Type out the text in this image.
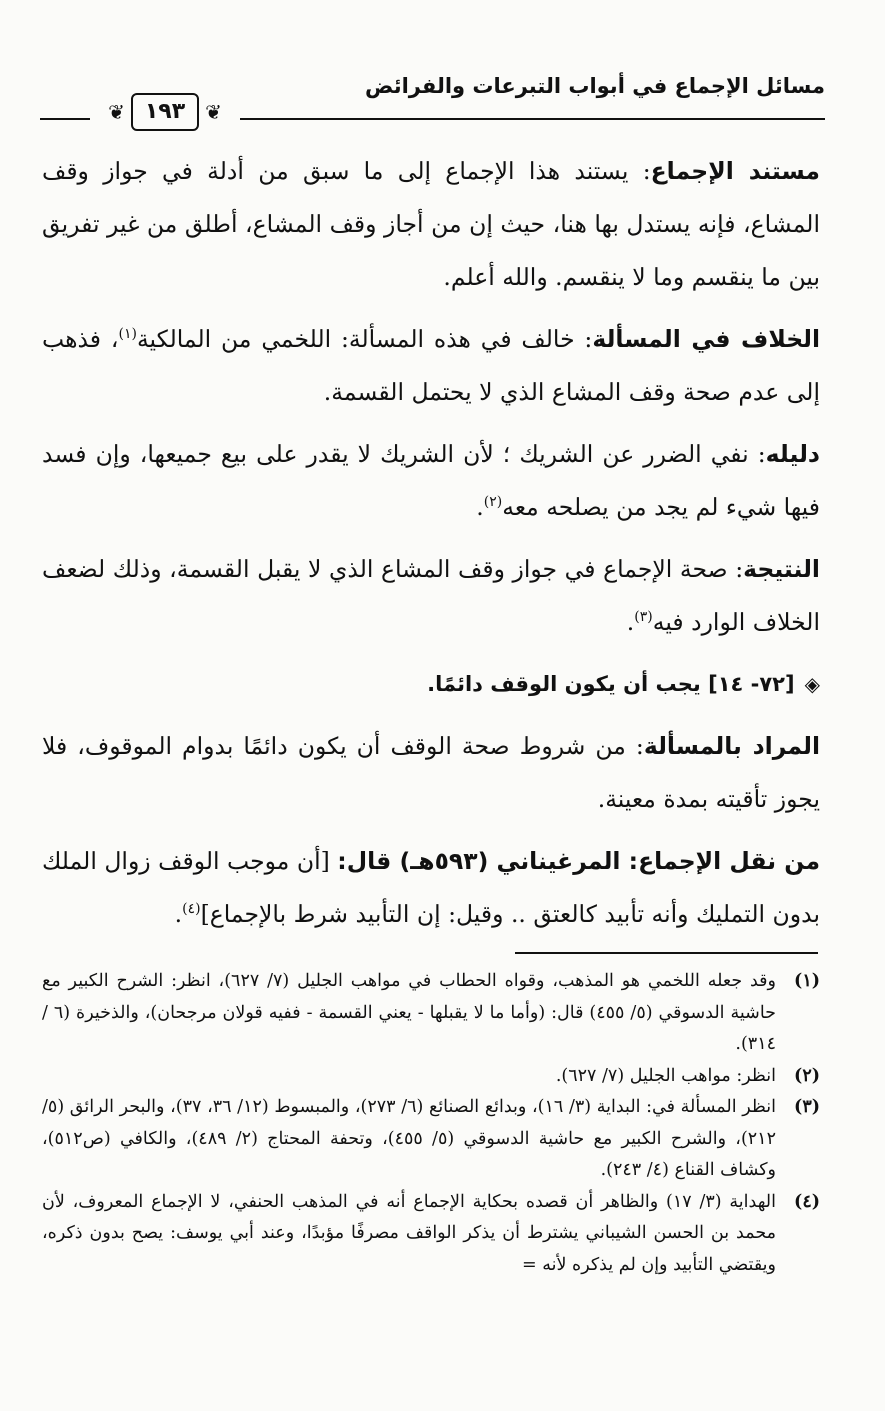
مسائل الإجماع في أبواب التبرعات والفرائض
❦ ١٩٣	❦

مستند الإجماع: يستند هذا الإجماع إلى ما سبق من أدلة في جواز وقف المشاع، فإنه يستدل بها هنا، حيث إن من أجاز وقف المشاع، أطلق من غير تفريق بين ما ينقسم وما لا ينقسم. والله أعلم.

الخلاف في المسألة: خالف في هذه المسألة: اللخمي من المالكية$^{(١)}$، فذهب إلى عدم صحة وقف المشاع الذي لا يحتمل القسمة.

دليله: نفي الضرر عن الشريك ؛ لأن الشريك لا يقدر على بيع جميعها، وإن فسد فيها شيء لم يجد من يصلحه معه$^{(٢)}$.

النتيجة: صحة الإجماع في جواز وقف المشاع الذي لا يقبل القسمة، وذلك لضعف الخلاف الوارد فيه$^{(٣)}$.

◈[٧٢- ١٤] يجب أن يكون الوقف دائمًا.

المراد بالمسألة: من شروط صحة الوقف أن يكون دائمًا بدوام الموقوف، فلا يجوز تأقيته بمدة معينة.

من نقل الإجماع: المرغيناني (٥٩٣هـ) قال: [أن موجب الوقف زوال الملك بدون التمليك وأنه تأبيد كالعتق .. وقيل: إن التأبيد شرط بالإجماع]$^{(٤)}$.

(١)
وقد جعله اللخمي هو المذهب، وقواه الحطاب في مواهب الجليل (٧/ ٦٢٧)، انظر: الشرح الكبير مع حاشية الدسوقي (٥/ ٤٥٥) قال: (وأما ما لا يقبلها - يعني القسمة - ففيه قولان مرجحان)، والذخيرة (٦ / ٣١٤).
(٢)
انظر: مواهب الجليل (٧/ ٦٢٧).
(٣)
انظر المسألة في: البداية (٣/ ١٦)، وبدائع الصنائع (٦/ ٢٧٣)، والمبسوط (١٢/ ٣٦، ٣٧)، والبحر الرائق (٥/ ٢١٢)، والشرح الكبير مع حاشية الدسوقي (٥/ ٤٥٥)، وتحفة المحتاج (٢/ ٤٨٩)، والكافي (ص٥١٢)، وكشاف القناع (٤/ ٢٤٣).
(٤)
الهداية (٣/ ١٧) والظاهر أن قصده بحكاية الإجماع أنه في المذهب الحنفي، لا الإجماع المعروف، لأن محمد بن الحسن الشيباني يشترط أن يذكر الواقف مصرفًا مؤبدًا، وعند أبي يوسف: يصح بدون ذكره، ويقتضي التأبيد وإن لم يذكره لأنه =
